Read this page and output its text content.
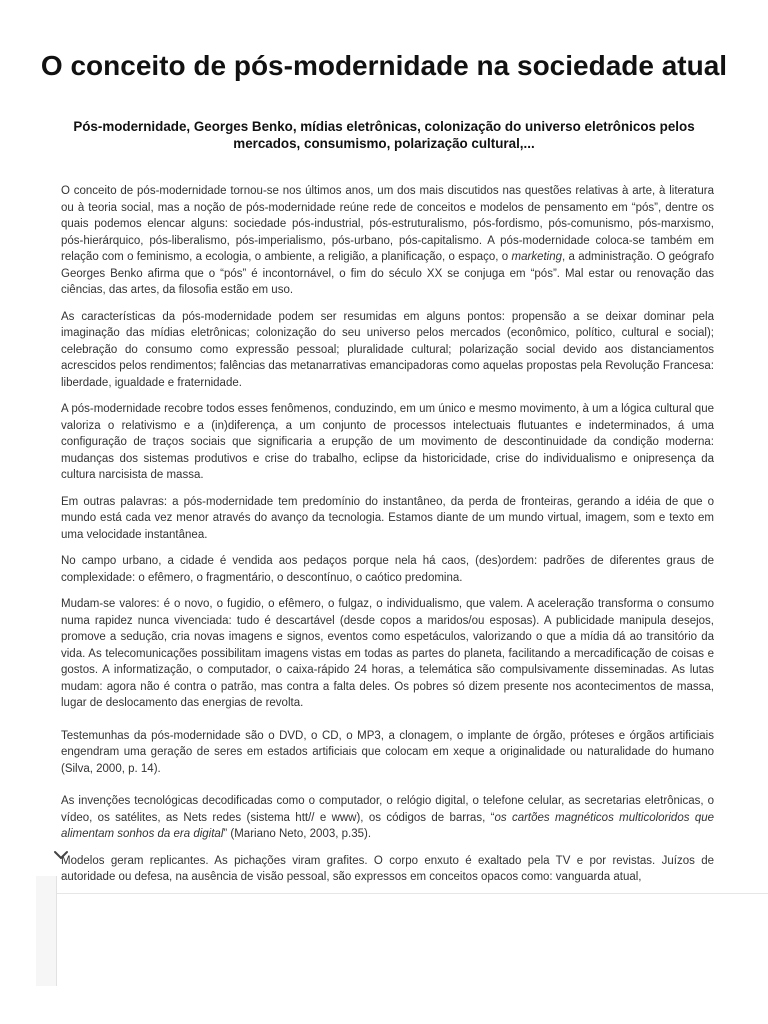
O conceito de pós-modernidade na sociedade atual

Pós-modernidade, Georges Benko, mídias eletrônicas, colonização do universo eletrônicos pelos mercados, consumismo, polarização cultural,...

O conceito de pós-modernidade tornou-se nos últimos anos, um dos mais discutidos nas questões relativas à arte, à literatura ou à teoria social, mas a noção de pós-modernidade reúne rede de conceitos e modelos de pensamento em “pós”, dentre os quais podemos elencar alguns: sociedade pós-industrial, pós-estruturalismo, pós-fordismo, pós-comunismo, pós-marxismo, pós-hierárquico, pós-liberalismo, pós-imperialismo, pós-urbano, pós-capitalismo. A pós-modernidade coloca-se também em relação com o feminismo, a ecologia, o ambiente, a religião, a planificação, o espaço, o marketing, a administração. O geógrafo Georges Benko afirma que o “pós” é incontornável, o fim do século XX se conjuga em “pós”. Mal estar ou renovação das ciências, das artes, da filosofia estão em uso.

As características da pós-modernidade podem ser resumidas em alguns pontos: propensão a se deixar dominar pela imaginação das mídias eletrônicas; colonização do seu universo pelos mercados (econômico, político, cultural e social); celebração do consumo como expressão pessoal; pluralidade cultural; polarização social devido aos distanciamentos acrescidos pelos rendimentos; falências das metanarrativas emancipadoras como aquelas propostas pela Revolução Francesa: liberdade, igualdade e fraternidade.

A pós-modernidade recobre todos esses fenômenos, conduzindo, em um único e mesmo movimento, à um a lógica cultural que valoriza o relativismo e a (in)diferença, a um conjunto de processos intelectuais flutuantes e indeterminados, á uma configuração de traços sociais que significaria a erupção de um movimento de descontinuidade da condição moderna: mudanças dos sistemas produtivos e crise do trabalho, eclipse da historicidade, crise do individualismo e onipresença da cultura narcisista de massa.

Em outras palavras: a pós-modernidade tem predomínio do instantâneo, da perda de fronteiras, gerando a idéia de que o mundo está cada vez menor através do avanço da tecnologia. Estamos diante de um mundo virtual, imagem, som e texto em uma velocidade instantânea.

No campo urbano, a cidade é vendida aos pedaços porque nela há caos, (des)ordem: padrões de diferentes graus de complexidade: o efêmero, o fragmentário, o descontínuo, o caótico predomina.

Mudam-se valores: é o novo, o fugidio, o efêmero, o fulgaz, o individualismo, que valem. A aceleração transforma o consumo numa rapidez nunca vivenciada: tudo é descartável (desde copos a maridos/ou esposas). A publicidade manipula desejos, promove a sedução, cria novas imagens e signos, eventos como espetáculos, valorizando o que a mídia dá ao transitório da vida. As telecomunicações possibilitam imagens vistas em todas as partes do planeta, facilitando a mercadificação de coisas e gostos. A informatização, o computador, o caixa-rápido 24 horas, a telemática são compulsivamente disseminadas. As lutas mudam: agora não é contra o patrão, mas contra a falta deles. Os pobres só dizem presente nos acontecimentos de massa, lugar de deslocamento das energias de revolta.

Testemunhas da pós-modernidade são o DVD, o CD, o MP3, a clonagem, o implante de órgão, próteses e órgãos artificiais engendram uma geração de seres em estados artificiais que colocam em xeque a originalidade ou naturalidade do humano (Silva, 2000, p. 14).

As invenções tecnológicas decodificadas como o computador, o relógio digital, o telefone celular, as secretarias eletrônicas, o vídeo, os satélites, as Nets redes (sistema htt// e www), os códigos de barras, “os cartões magnéticos multicoloridos que alimentam sonhos da era digital” (Mariano Neto, 2003, p.35).

Modelos geram replicantes. As pichações viram grafites. O corpo enxuto é exaltado pela TV e por revistas. Juízos de autoridade ou defesa, na ausência de visão pessoal, são expressos em conceitos opacos como: vanguarda atual,
